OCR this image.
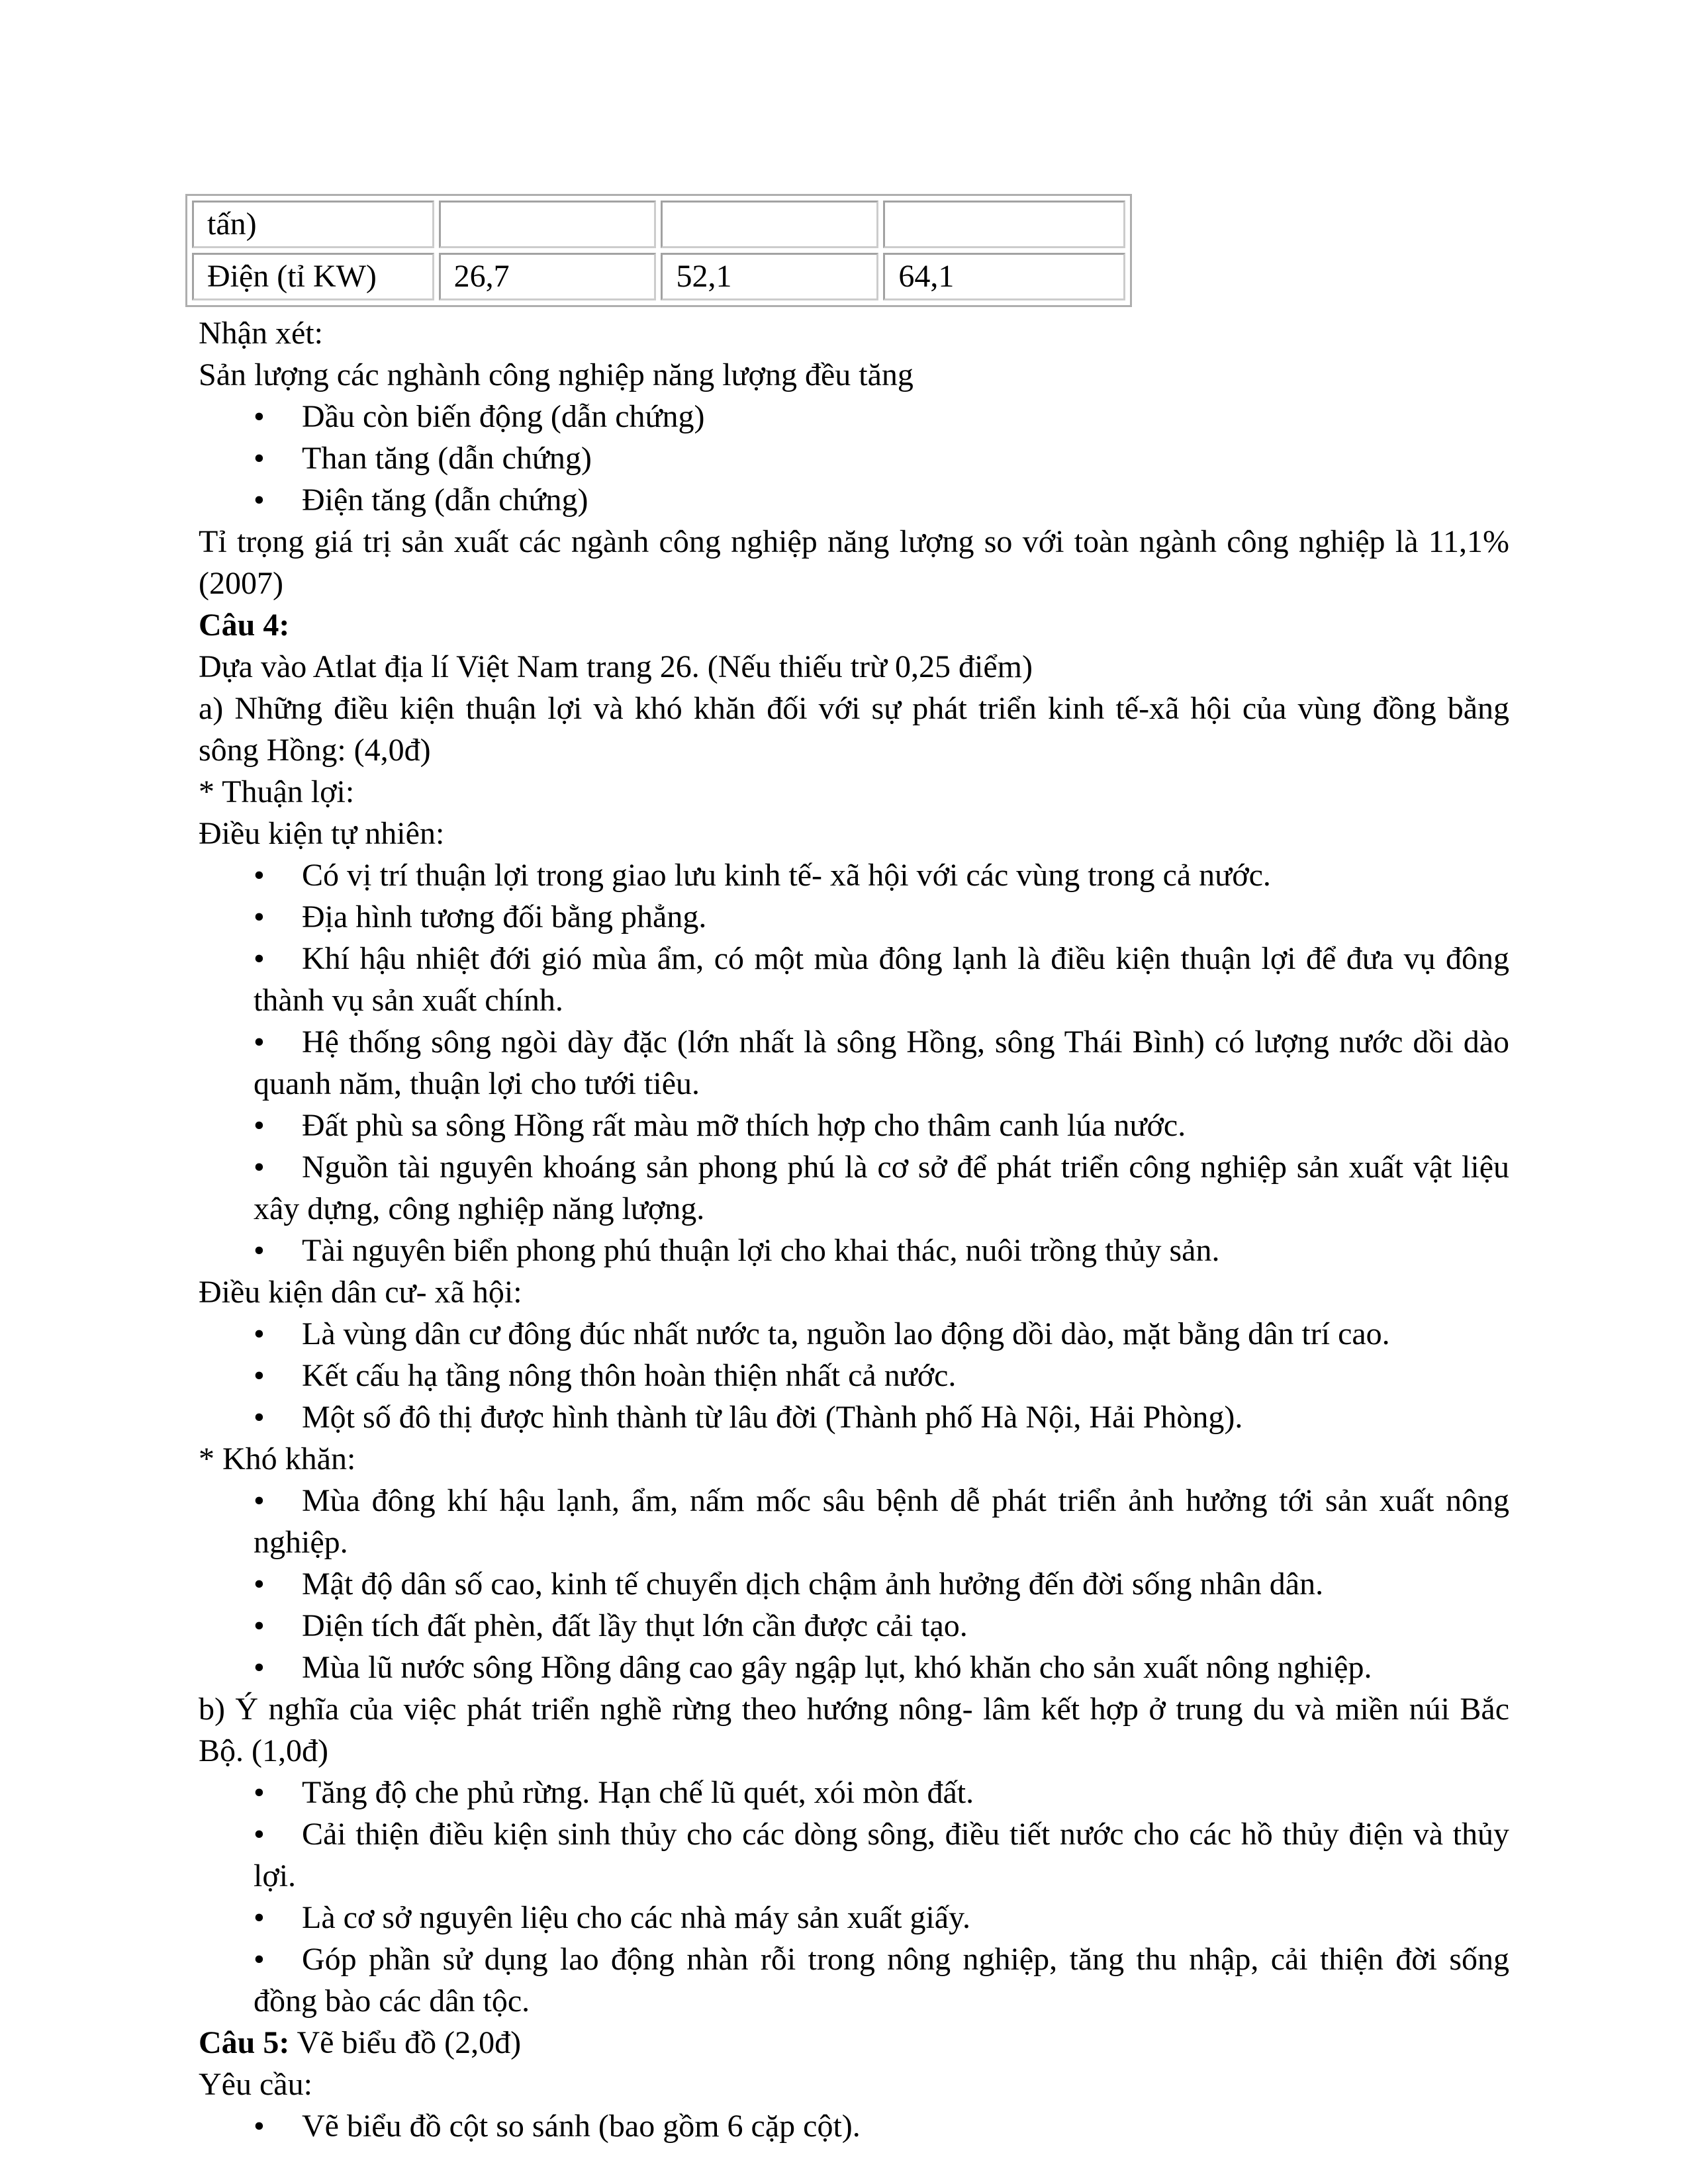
tấn)			
Điện (tỉ KW)	26,7	52,1	64,1

Nhận xét:

Sản lượng các nghành công nghiệp năng lượng đều tăng

• Dầu còn biến động (dẫn chứng)

• Than tăng (dẫn chứng)

• Điện tăng (dẫn chứng)

Tỉ trọng giá trị sản xuất các ngành công nghiệp năng lượng so với toàn ngành công nghiệp là 11,1% (2007)

Câu 4:

Dựa vào Atlat địa lí Việt Nam trang 26. (Nếu thiếu trừ 0,25 điểm)

a) Những điều kiện thuận lợi và khó khăn đối với sự phát triển kinh tế-xã hội của vùng đồng bằng sông Hồng: (4,0đ)

* Thuận lợi:

Điều kiện tự nhiên:

• Có vị trí thuận lợi trong giao lưu kinh tế- xã hội với các vùng trong cả nước.

• Địa hình tương đối bằng phẳng.

• Khí hậu nhiệt đới gió mùa ẩm, có một mùa đông lạnh là điều kiện thuận lợi để đưa vụ đông thành vụ sản xuất chính.

• Hệ thống sông ngòi dày đặc (lớn nhất là sông Hồng, sông Thái Bình) có lượng nước dồi dào quanh năm, thuận lợi cho tưới tiêu.

• Đất phù sa sông Hồng rất màu mỡ thích hợp cho thâm canh lúa nước.

• Nguồn tài nguyên khoáng sản phong phú là cơ sở để phát triển công nghiệp sản xuất vật liệu xây dựng, công nghiệp năng lượng.

• Tài nguyên biển phong phú thuận lợi cho khai thác, nuôi trồng thủy sản.

Điều kiện dân cư- xã hội:

• Là vùng dân cư đông đúc nhất nước ta, nguồn lao động dồi dào, mặt bằng dân trí cao.

• Kết cấu hạ tầng nông thôn hoàn thiện nhất cả nước.

• Một số đô thị được hình thành từ lâu đời (Thành phố Hà Nội, Hải Phòng).

* Khó khăn:

• Mùa đông khí hậu lạnh, ẩm, nấm mốc sâu bệnh dễ phát triển ảnh hưởng tới sản xuất nông nghiệp.

• Mật độ dân số cao, kinh tế chuyển dịch chậm ảnh hưởng đến đời sống nhân dân.

• Diện tích đất phèn, đất lầy thụt lớn cần được cải tạo.

• Mùa lũ nước sông Hồng dâng cao gây ngập lụt, khó khăn cho sản xuất nông nghiệp.

b) Ý nghĩa của việc phát triển nghề rừng theo hướng nông- lâm kết hợp ở trung du và miền núi Bắc Bộ. (1,0đ)

• Tăng độ che phủ rừng. Hạn chế lũ quét, xói mòn đất.

• Cải thiện điều kiện sinh thủy cho các dòng sông, điều tiết nước cho các hồ thủy điện và thủy lợi.

• Là cơ sở nguyên liệu cho các nhà máy sản xuất giấy.

• Góp phần sử dụng lao động nhàn rỗi trong nông nghiệp, tăng thu nhập, cải thiện đời sống đồng bào các dân tộc.

Câu 5: Vẽ biểu đồ (2,0đ)

Yêu cầu:

• Vẽ biểu đồ cột so sánh (bao gồm 6 cặp cột).
